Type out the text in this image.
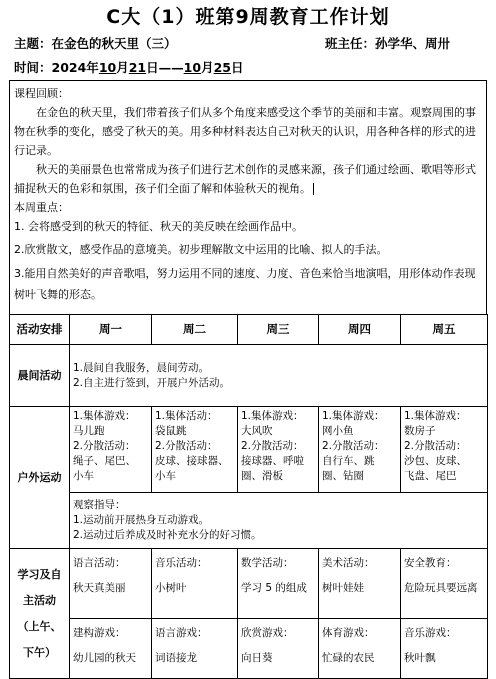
C大（1）班第9周教育工作计划
主题：在金色的秋天里（三）	班主任：孙学华、周卅
时间：2024年10月21日——10月25日

课程回顾：

在金色的秋天里，我们带着孩子们从多个角度来感受这个季节的美丽和丰富。观察周围的事物在秋季的变化，感受了秋天的美。用多种材料表达自己对秋天的认识，用各种各样的形式的进行记录。

秋天的美丽景色也常常成为孩子们进行艺术创作的灵感来源，孩子们通过绘画、歌唱等形式捕捉秋天的色彩和氛围，孩子们全面了解和体验秋天的视角。

本周重点：

1. 会将感受到的秋天的特征、秋天的美反映在绘画作品中。

2.欣赏散文，感受作品的意境美。初步理解散文中运用的比喻、拟人的手法。

3.能用自然美好的声音歌唱，努力运用不同的速度、力度、音色来恰当地演唱，用形体动作表现树叶飞舞的形态。

活动安排	周一	周二	周三	周四	周五
晨间活动	1.晨间自我服务，晨间劳动。
2.自主进行签到，开展户外活动。				

户外运动	1.集体游戏：
马儿跑
2.分散活动：
绳子、尾巴、
小车	1.集体活动：
袋鼠跳
2.分散活动：
皮球、接球器、
小车	1.集体游戏：
大风吹
2.分散活动：
接球器、呼啦
圈、滑板	1.集体游戏：
网小鱼
2.分散活动：
自行车、跳
圈、钻圈	1.集体游戏：
数房子
2.分散活动：
沙包、皮球、
飞盘、尾巴

	观察指导：
1.运动前开展热身互动游戏。
2.运动过后养成及时补充水分的好习惯。				

学习及自
主活动
（上午、
下午）	语言活动：
秋天真美丽	音乐活动：
小树叶	数学活动：
学习 5 的组成	美术活动：
树叶娃娃	安全教育：
危险玩具要远离

	建构游戏：
幼儿园的秋天	语言游戏：
词语接龙	欣赏游戏：
向日葵	体育游戏：
忙碌的农民	音乐游戏：
秋叶飘
